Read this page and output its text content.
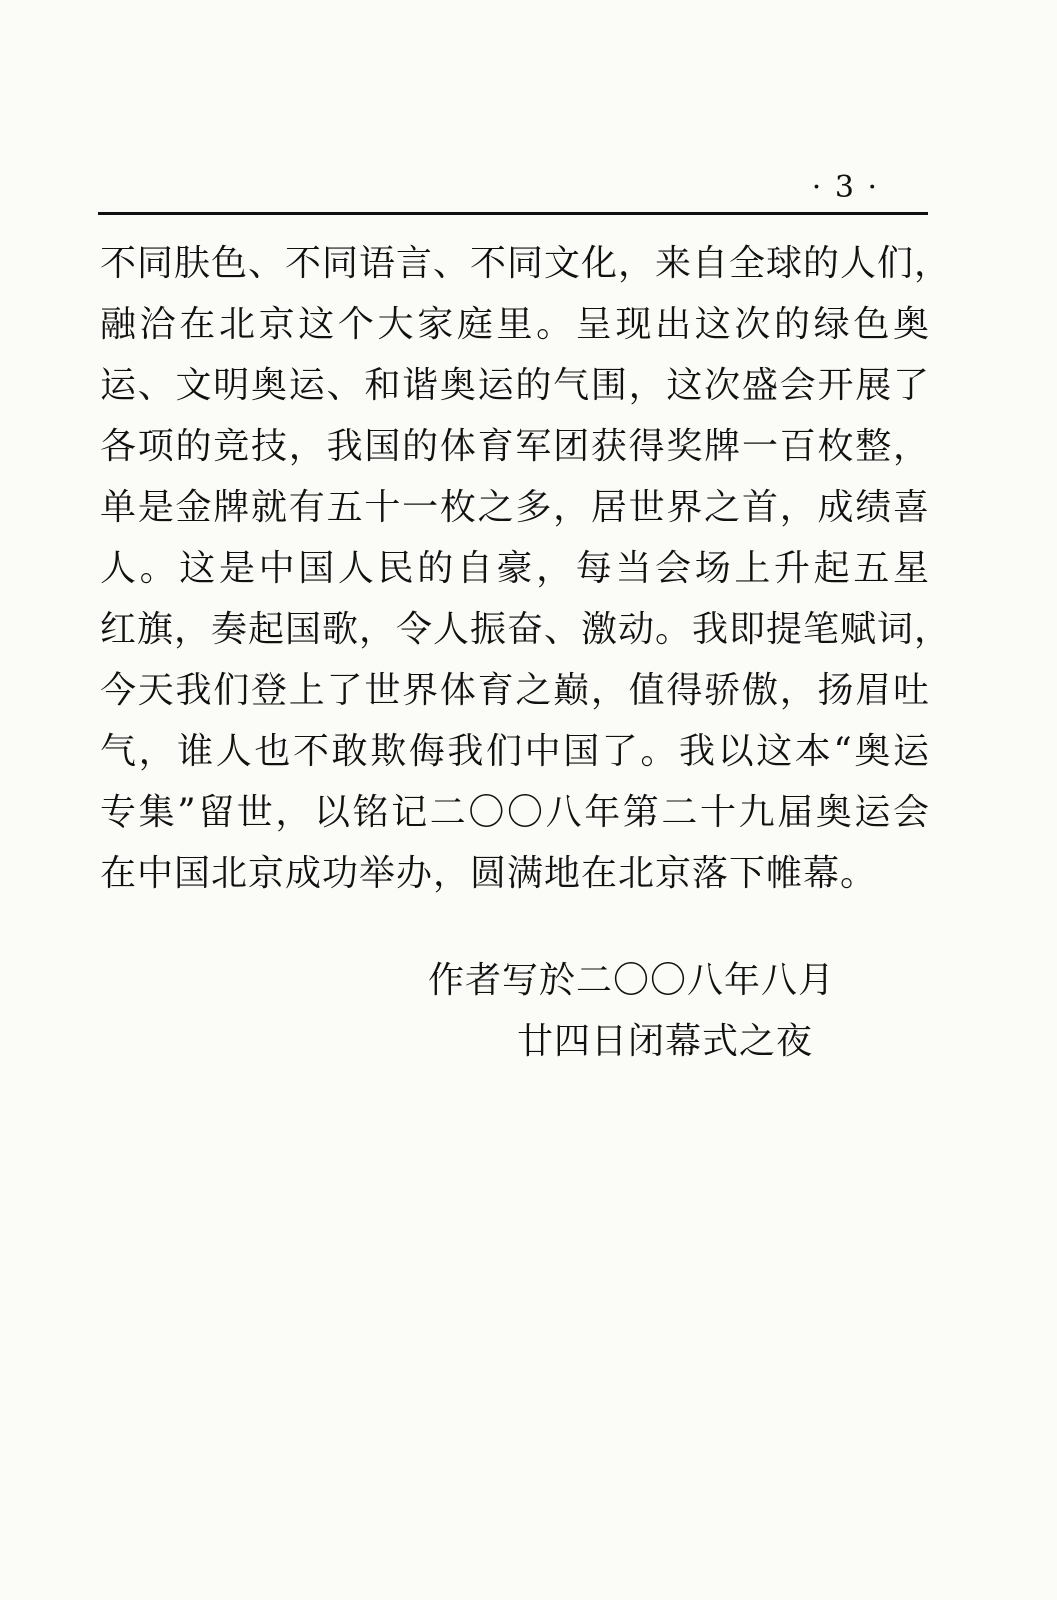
· 3 ·
不同肤色、不同语言、不同文化，来自全球的人们，
融洽在北京这个大家庭里。呈现出这次的绿色奥
运、文明奥运、和谐奥运的气围，这次盛会开展了
各项的竞技，我国的体育军团获得奖牌一百枚整，
单是金牌就有五十一枚之多，居世界之首，成绩喜
人。这是中国人民的自豪，每当会场上升起五星
红旗，奏起国歌，令人振奋、激动。我即提笔赋词，
今天我们登上了世界体育之巅，值得骄傲，扬眉吐
气，谁人也不敢欺侮我们中国了。我以这本“奥运
专集”留世，以铭记二〇〇八年第二十九届奥运会
在中国北京成功举办，圆满地在北京落下帷幕。
作者写於二〇〇八年八月
廿四日闭幕式之夜
